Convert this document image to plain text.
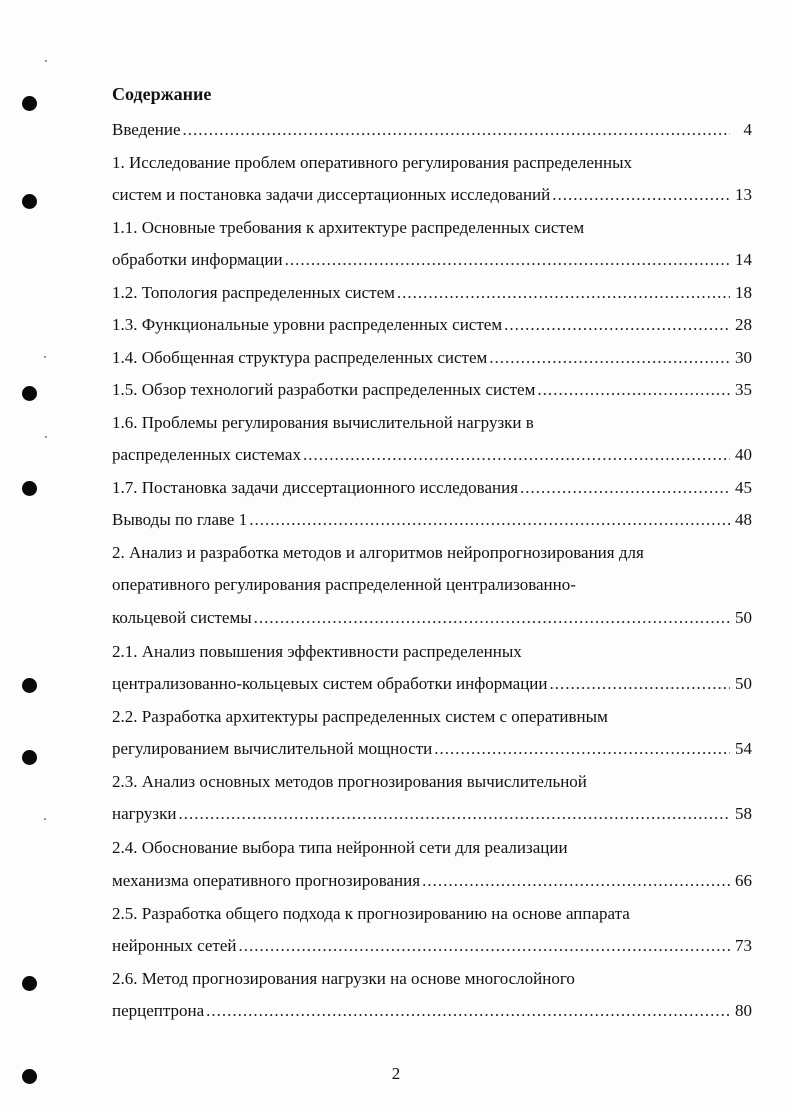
Содержание
Введение .....	4
1. Исследование проблем оперативного регулирования распределенных
систем и постановка задачи диссертационных исследований .....	13
1.1. Основные требования к архитектуре распределенных систем
обработки информации .....	14
1.2. Топология распределенных систем .....	18
1.3. Функциональные уровни распределенных систем .....	28
1.4. Обобщенная структура распределенных систем .....	30
1.5. Обзор технологий разработки распределенных систем .....	35
1.6. Проблемы регулирования вычислительной нагрузки в
распределенных системах .....	40
1.7. Постановка задачи диссертационного исследования .....	45
Выводы по главе 1 .....	48
2. Анализ и разработка методов и алгоритмов нейропрогнозирования для
оперативного регулирования распределенной централизованно-
кольцевой системы .....	50
2.1. Анализ повышения эффективности распределенных
централизованно-кольцевых систем обработки информации .....	50
2.2. Разработка архитектуры распределенных систем с оперативным
регулированием вычислительной мощности .....	54
2.3. Анализ основных методов прогнозирования вычислительной
нагрузки .....	58
2.4. Обоснование выбора типа нейронной сети для реализации
механизма оперативного прогнозирования .....	66
2.5. Разработка общего подхода к прогнозированию на основе аппарата
нейронных сетей .....	73
2.6. Метод прогнозирования нагрузки на основе многослойного
перцептрона .....	80
2
